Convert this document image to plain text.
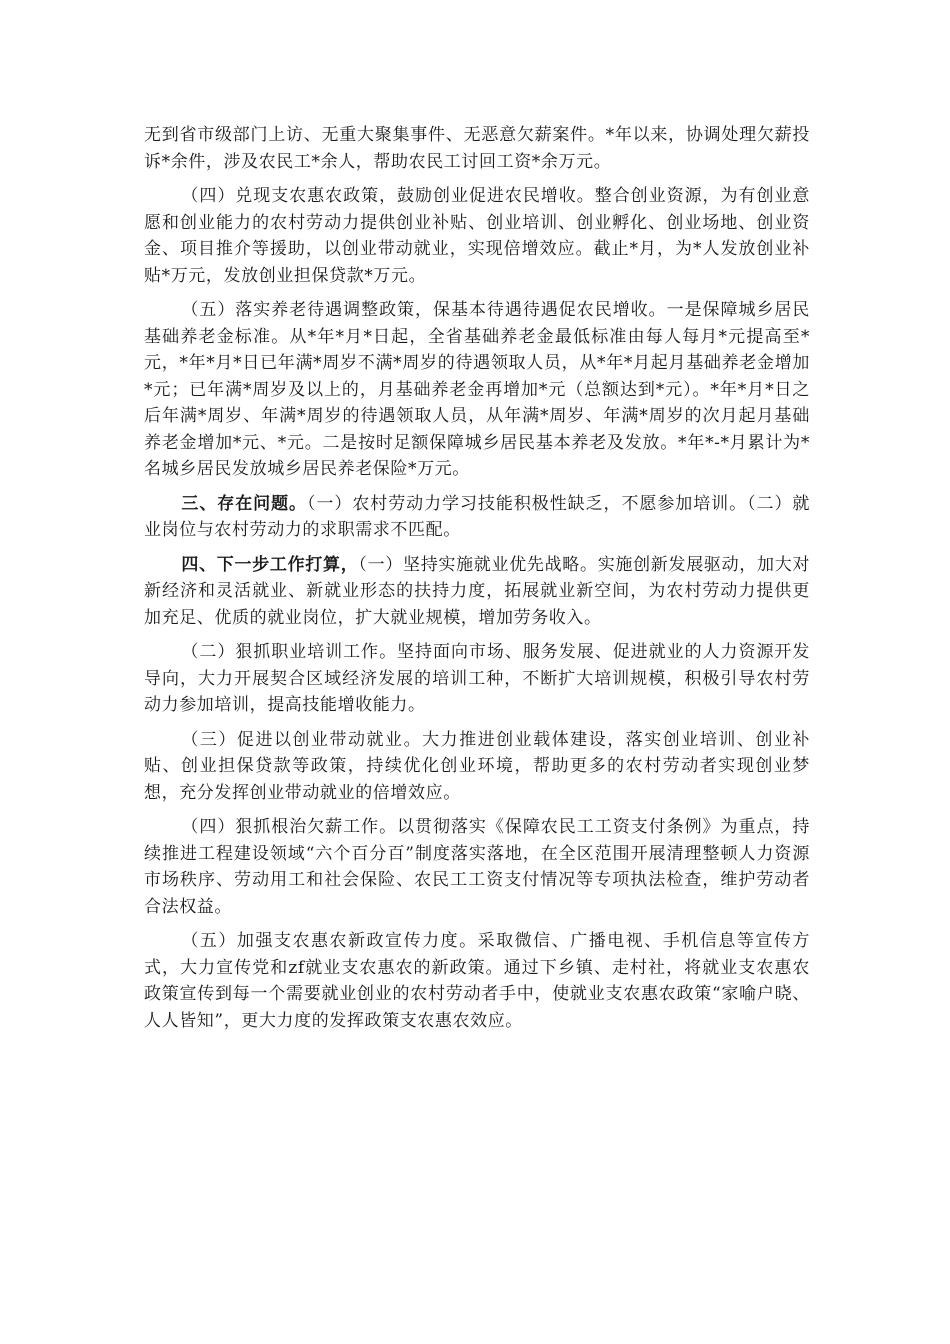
无到省市级部门上访、无重大聚集事件、无恶意欠薪案件。*年以来，协调处理欠薪投诉*余件，涉及农民工*余人，帮助农民工讨回工资*余万元。

（四）兑现支农惠农政策，鼓励创业促进农民增收。整合创业资源，为有创业意愿和创业能力的农村劳动力提供创业补贴、创业培训、创业孵化、创业场地、创业资金、项目推介等援助，以创业带动就业，实现倍增效应。截止*月，为*人发放创业补贴*万元，发放创业担保贷款*万元。

（五）落实养老待遇调整政策，保基本待遇待遇促农民增收。一是保障城乡居民基础养老金标准。从*年*月*日起，全省基础养老金最低标准由每人每月*元提高至*元，*年*月*日已年满*周岁不满*周岁的待遇领取人员，从*年*月起月基础养老金增加*元；已年满*周岁及以上的，月基础养老金再增加*元（总额达到*元）。*年*月*日之后年满*周岁、年满*周岁的待遇领取人员，从年满*周岁、年满*周岁的次月起月基础养老金增加*元、*元。二是按时足额保障城乡居民基本养老及发放。*年*-*月累计为*名城乡居民发放城乡居民养老保险*万元。

三、存在问题。（一）农村劳动力学习技能积极性缺乏，不愿参加培训。（二）就业岗位与农村劳动力的求职需求不匹配。

四、下一步工作打算，（一）坚持实施就业优先战略。实施创新发展驱动，加大对新经济和灵活就业、新就业形态的扶持力度，拓展就业新空间，为农村劳动力提供更加充足、优质的就业岗位，扩大就业规模，增加劳务收入。

（二）狠抓职业培训工作。坚持面向市场、服务发展、促进就业的人力资源开发导向，大力开展契合区域经济发展的培训工种，不断扩大培训规模，积极引导农村劳动力参加培训，提高技能增收能力。

（三）促进以创业带动就业。大力推进创业载体建设，落实创业培训、创业补贴、创业担保贷款等政策，持续优化创业环境，帮助更多的农村劳动者实现创业梦想，充分发挥创业带动就业的倍增效应。

（四）狠抓根治欠薪工作。以贯彻落实《保障农民工工资支付条例》为重点，持续推进工程建设领域“六个百分百”制度落实落地，在全区范围开展清理整顿人力资源市场秩序、劳动用工和社会保险、农民工工资支付情况等专项执法检查，维护劳动者合法权益。

（五）加强支农惠农新政宣传力度。采取微信、广播电视、手机信息等宣传方式，大力宣传党和zf就业支农惠农的新政策。通过下乡镇、走村社，将就业支农惠农政策宣传到每一个需要就业创业的农村劳动者手中，使就业支农惠农政策“家喻户晓、人人皆知”，更大力度的发挥政策支农惠农效应。
